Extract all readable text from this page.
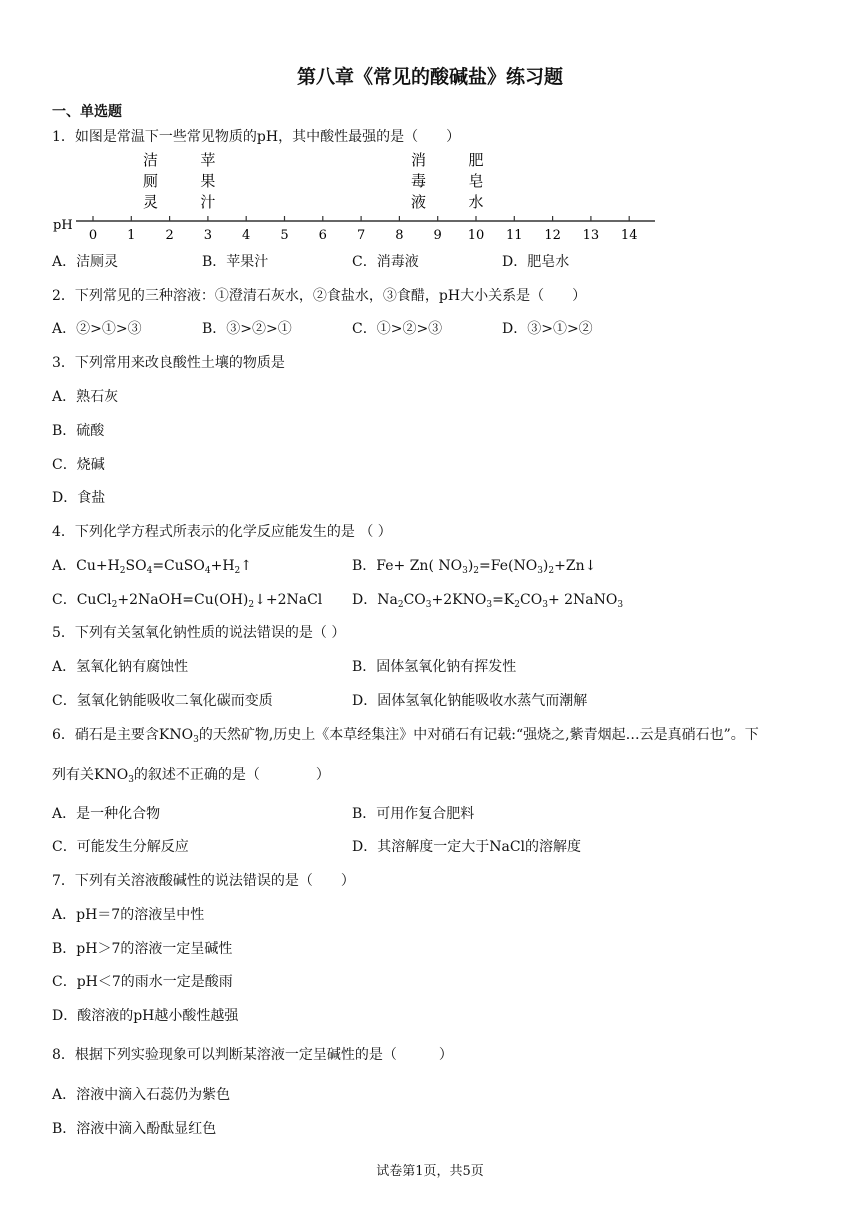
第八章《常见的酸碱盐》练习题
一、单选题
1．如图是常温下一些常见物质的pH，其中酸性最强的是（　　）
pH
0 1 2 3 4 5 6 7 8 9 10 11 12 13 14
洁
厕
灵
苹
果
汁
消
毒
液
肥
皂
水
A．洁厕灵	B．苹果汁	C．消毒液	D．肥皂水
2．下列常见的三种溶液：①澄清石灰水，②食盐水，③食醋，pH大小关系是（　　）
A．②>①>③	B．③>②>①	C．①>②>③	D．③>①>②
3．下列常用来改良酸性土壤的物质是
A．熟石灰
B．硫酸
C．烧碱
D．食盐
4．下列化学方程式所表示的化学反应能发生的是 （ ）
A．$Cu+H_2SO_4=CuSO_4+H_2↑$	B．Fe+ Zn( $NO_3)_2=Fe(NO_3)_2+Zn↓$
C．$CuCl_2+2NaOH=Cu(OH)_2↓+2NaCl$ D．$Na_2CO_3+2KNO_3=K_2CO_3+$ 2NaNO$_3$
5．下列有关氢氧化钠性质的说法错误的是（ ）
A．氢氧化钠有腐蚀性	B．固体氢氧化钠有挥发性
C．氢氧化钠能吸收二氧化碳而变质	D．固体氢氧化钠能吸收水蒸气而潮解
6．硝石是主要含$KNO_3$的天然矿物,历史上《本草经集注》中对硝石有记载:“强烧之,紫青烟起…云是真硝石也”。下
列有关$KNO_3$的叙述不正确的是（　　　　）
A．是一种化合物	B．可用作复合肥料
C．可能发生分解反应	D．其溶解度一定大于NaCl的溶解度
7．下列有关溶液酸碱性的说法错误的是（　　）
A．pH＝7的溶液呈中性
B．pH＞7的溶液一定呈碱性
C．pH＜7的雨水一定是酸雨
D．酸溶液的pH越小酸性越强
8．根据下列实验现象可以判断某溶液一定呈碱性的是（　　　）
A．溶液中滴入石蕊仍为紫色
B．溶液中滴入酚酞显红色
试卷第1页，共5页
